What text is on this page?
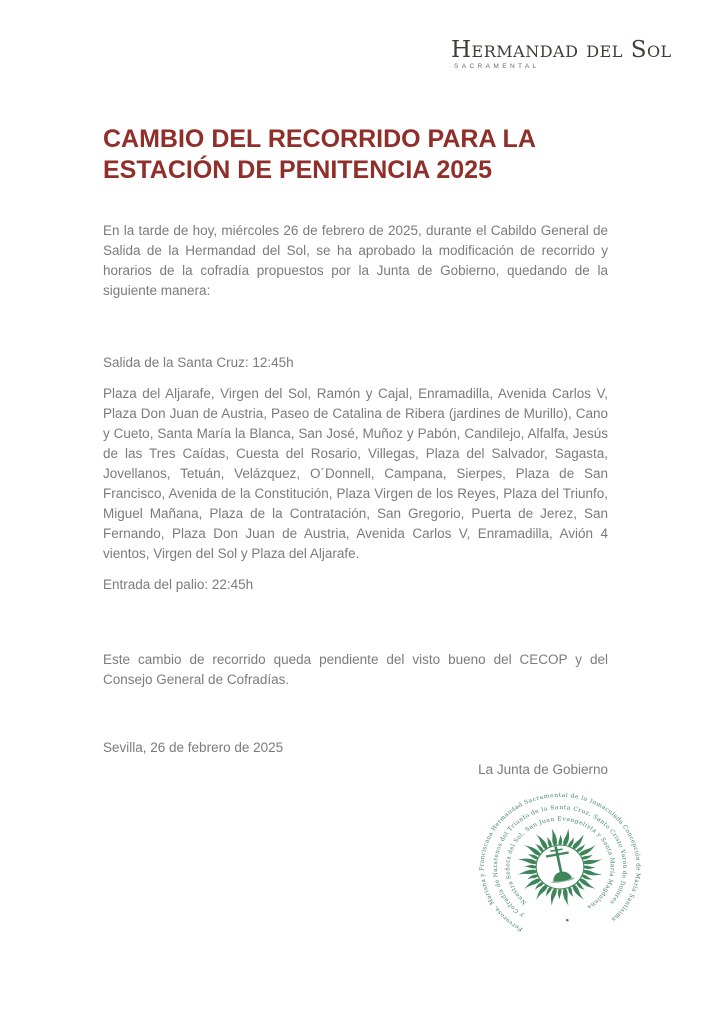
Hermandad del Sol
SACRAMENTAL
CAMBIO DEL RECORRIDO PARA LA ESTACIÓN DE PENITENCIA 2025
En la tarde de hoy, miércoles 26 de febrero de 2025, durante el Cabildo General de Salida de la Hermandad del Sol, se ha aprobado la modificación de recorrido y horarios de la cofradía propuestos por la Junta de Gobierno, quedando de la siguiente manera:
Salida de la Santa Cruz: 12:45h
Plaza del Aljarafe, Virgen del Sol, Ramón y Cajal, Enramadilla, Avenida Carlos V, Plaza Don Juan de Austria, Paseo de Catalina de Ribera (jardines de Murillo), Cano y Cueto, Santa María la Blanca, San José, Muñoz y Pabón, Candilejo, Alfalfa, Jesús de las Tres Caídas, Cuesta del Rosario, Villegas, Plaza del Salvador, Sagasta, Jovellanos, Tetuán, Velázquez, O´Donnell, Campana, Sierpes, Plaza de San Francisco, Avenida de la Constitución, Plaza Virgen de los Reyes, Plaza del Triunfo, Miguel Mañana, Plaza de la Contratación, San Gregorio, Puerta de Jerez, San Fernando, Plaza Don Juan de Austria, Avenida Carlos V, Enramadilla, Avión 4 vientos, Virgen del Sol y Plaza del Aljarafe.
Entrada del palio: 22:45h
Este cambio de recorrido queda pendiente del visto bueno del CECOP y del Consejo General de Cofradías.
Sevilla, 26 de febrero de 2025
La Junta de Gobierno
Fervorosa, Mariana y Franciscana Hermandad Sacramental de la Inmaculada Concepción de María Santísima
y Cofradía de Nazarenos del Triunfo de la Santa Cruz, Santo Cristo Varón de Dolores
Nuestra Señora del Sol, San Juan Evangelista y Santa María Magdalena
